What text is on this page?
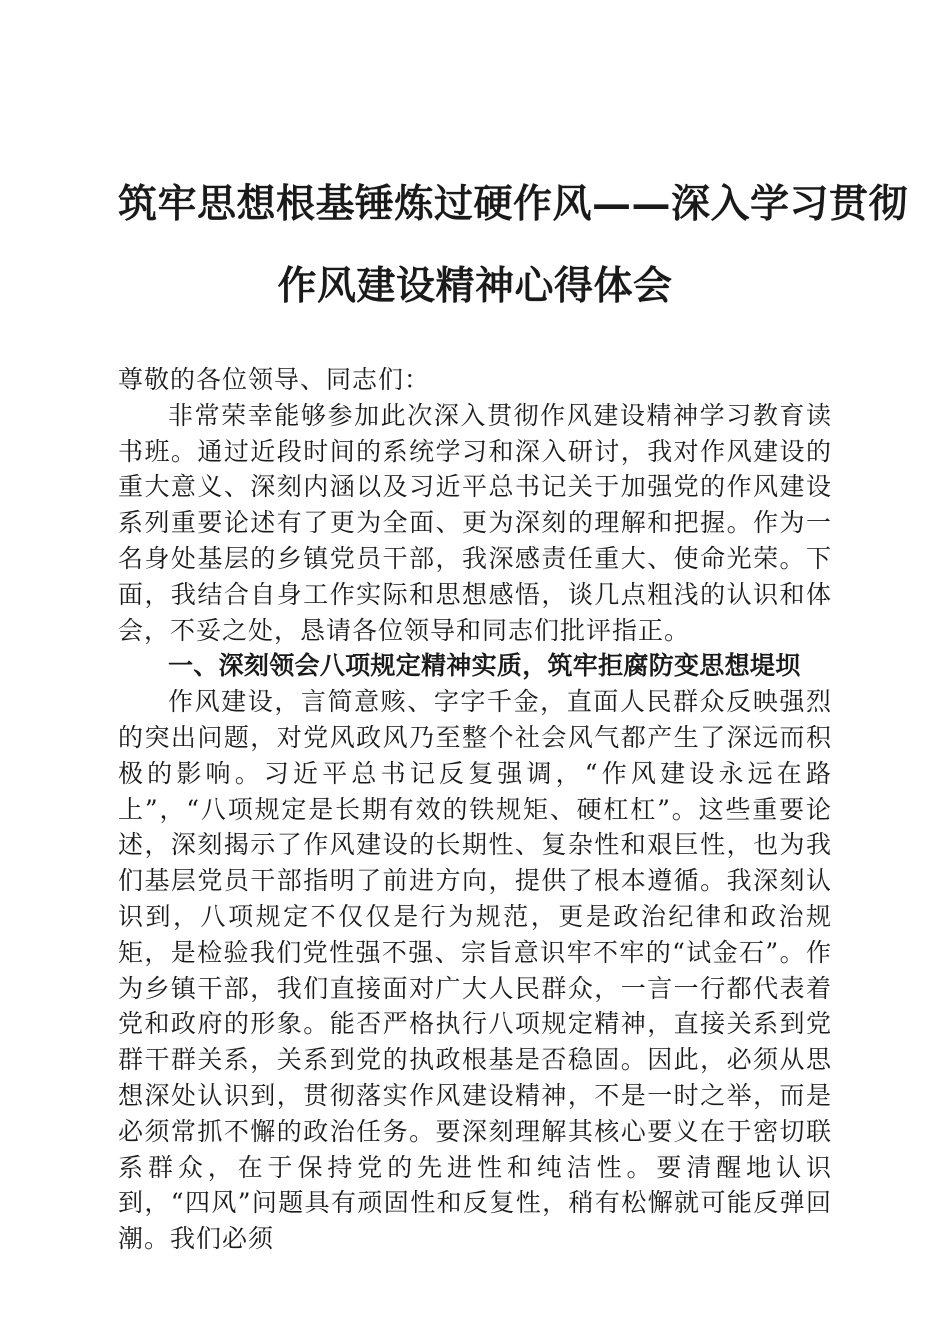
筑牢思想根基锤炼过硬作风——深入学习贯彻
作风建设精神心得体会

尊敬的各位领导、同志们：

非常荣幸能够参加此次深入贯彻作风建设精神学习教育读书班。通过近段时间的系统学习和深入研讨，我对作风建设的重大意义、深刻内涵以及习近平总书记关于加强党的作风建设系列重要论述有了更为全面、更为深刻的理解和把握。作为一名身处基层的乡镇党员干部，我深感责任重大、使命光荣。下面，我结合自身工作实际和思想感悟，谈几点粗浅的认识和体会，不妥之处，恳请各位领导和同志们批评指正。

一、深刻领会八项规定精神实质，筑牢拒腐防变思想堤坝

作风建设，言简意赅、字字千金，直面人民群众反映强烈的突出问题，对党风政风乃至整个社会风气都产生了深远而积极的影响。习近平总书记反复强调，“作风建设永远在路上”，“八项规定是长期有效的铁规矩、硬杠杠”。这些重要论述，深刻揭示了作风建设的长期性、复杂性和艰巨性，也为我们基层党员干部指明了前进方向，提供了根本遵循。我深刻认识到，八项规定不仅仅是行为规范，更是政治纪律和政治规矩，是检验我们党性强不强、宗旨意识牢不牢的“试金石”。作为乡镇干部，我们直接面对广大人民群众，一言一行都代表着党和政府的形象。能否严格执行八项规定精神，直接关系到党群干群关系，关系到党的执政根基是否稳固。因此，必须从思想深处认识到，贯彻落实作风建设精神，不是一时之举，而是必须常抓不懈的政治任务。要深刻理解其核心要义在于密切联系群众，在于保持党的先进性和纯洁性。要清醒地认识到，“四风”问题具有顽固性和反复性，稍有松懈就可能反弹回潮。我们必须
